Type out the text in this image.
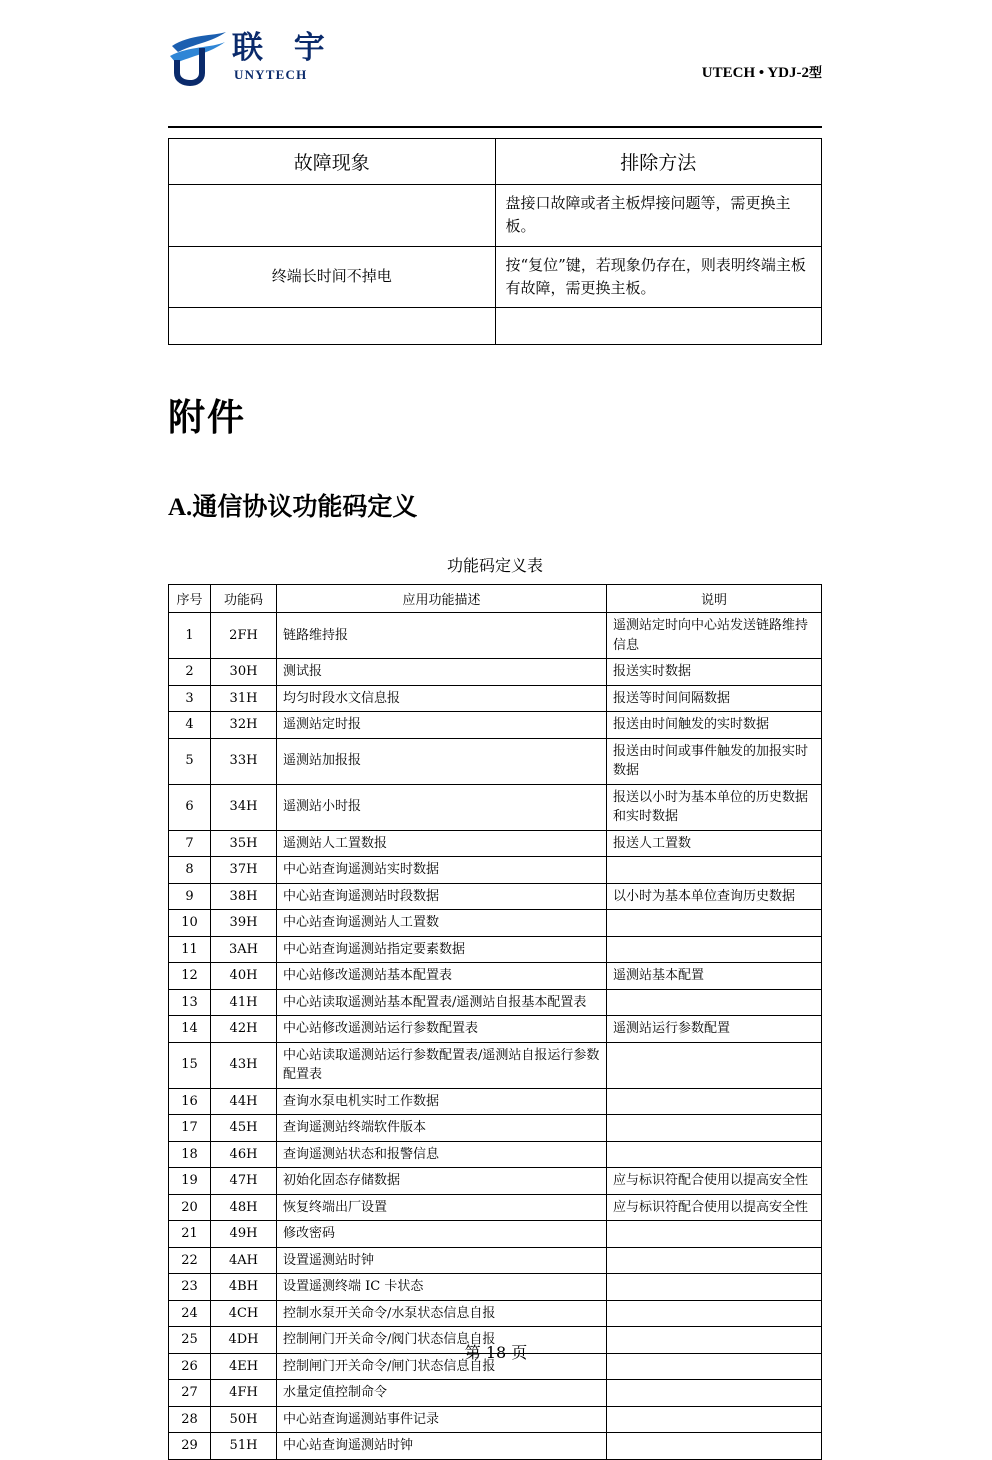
联 宇
UNYTECH	UTECH • YDJ-2型
故障现象	排除方法
	盘接口故障或者主板焊接问题等，需更换主板。
终端长时间不掉电	按“复位”键，若现象仍存在，则表明终端主板有故障，需更换主板。

附件
A.通信协议功能码定义
功能码定义表
序号	功能码	应用功能描述	说明
1	2FH	链路维持报	遥测站定时向中心站发送链路维持信息
2	30H	测试报	报送实时数据
3	31H	均匀时段水文信息报	报送等时间间隔数据
4	32H	遥测站定时报	报送由时间触发的实时数据
5	33H	遥测站加报报	报送由时间或事件触发的加报实时数据
6	34H	遥测站小时报	报送以小时为基本单位的历史数据和实时数据
7	35H	遥测站人工置数报	报送人工置数
8	37H	中心站查询遥测站实时数据	
9	38H	中心站查询遥测站时段数据	以小时为基本单位查询历史数据
10	39H	中心站查询遥测站人工置数	
11	3AH	中心站查询遥测站指定要素数据	
12	40H	中心站修改遥测站基本配置表	遥测站基本配置
13	41H	中心站读取遥测站基本配置表/遥测站自报基本配置表	
14	42H	中心站修改遥测站运行参数配置表	遥测站运行参数配置
15	43H	中心站读取遥测站运行参数配置表/遥测站自报运行参数配置表	
16	44H	查询水泵电机实时工作数据	
17	45H	查询遥测站终端软件版本	
18	46H	查询遥测站状态和报警信息	
19	47H	初始化固态存储数据	应与标识符配合使用以提高安全性
20	48H	恢复终端出厂设置	应与标识符配合使用以提高安全性
21	49H	修改密码	
22	4AH	设置遥测站时钟	
23	4BH	设置遥测终端 IC 卡状态	
24	4CH	控制水泵开关命令/水泵状态信息自报	
25	4DH	控制闸门开关命令/阀门状态信息自报	
26	4EH	控制闸门开关命令/闸门状态信息自报	
27	4FH	水量定值控制命令	
28	50H	中心站查询遥测站事件记录	
29	51H	中心站查询遥测站时钟	
第 18 页
